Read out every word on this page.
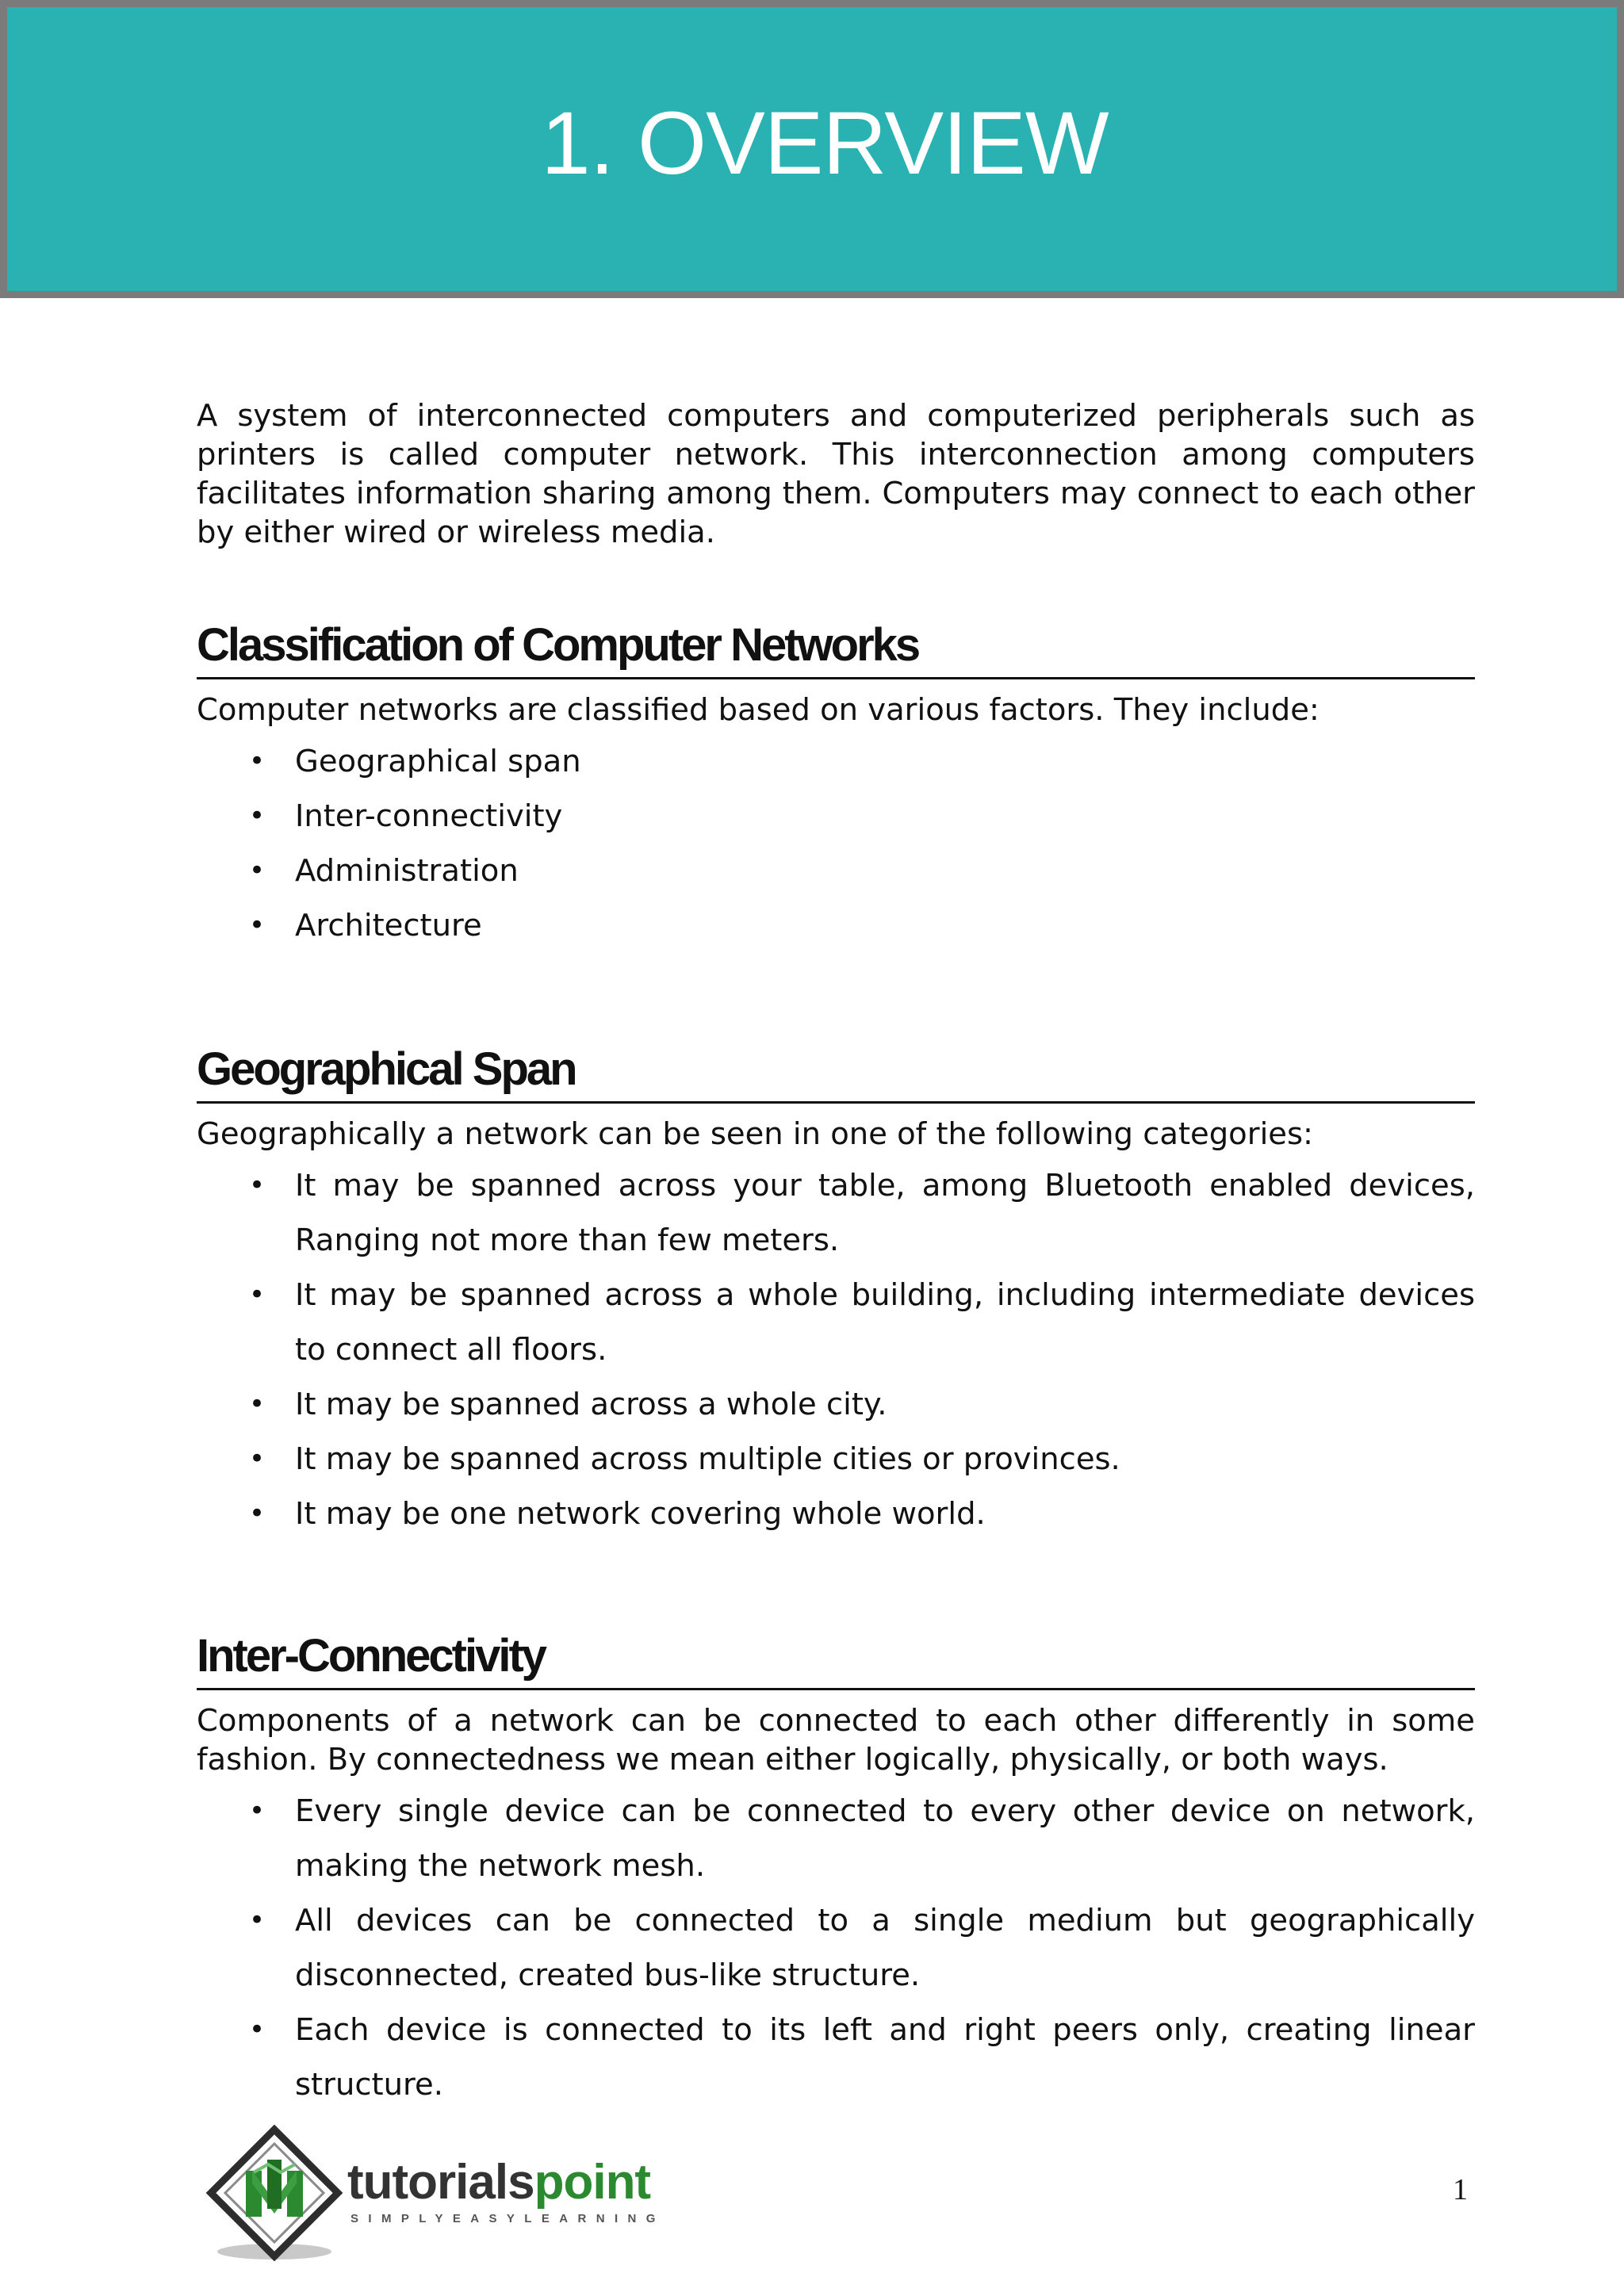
1. OVERVIEW

A system of interconnected computers and computerized peripherals such as printers is called computer network. This interconnection among computers facilitates information sharing among them. Computers may connect to each other by either wired or wireless media.

Classification of Computer Networks

Computer networks are classified based on various factors. They include:

• Geographical span
• Inter-connectivity
• Administration
• Architecture
Geographical Span

Geographically a network can be seen in one of the following categories:

• It may be spanned across your table, among Bluetooth enabled devices, Ranging not more than few meters.
• It may be spanned across a whole building, including intermediate devices to connect all floors.
• It may be spanned across a whole city.
• It may be spanned across multiple cities or provinces.
• It may be one network covering whole world.
Inter-Connectivity

Components of a network can be connected to each other differently in some fashion. By connectedness we mean either logically, physically, or both ways.

• Every single device can be connected to every other device on network, making the network mesh.
• All devices can be connected to a single medium but geographically disconnected, created bus-like structure.
• Each device is connected to its left and right peers only, creating linear structure.
tutorialspoint
SIMPLYEASYLEARNING
1
